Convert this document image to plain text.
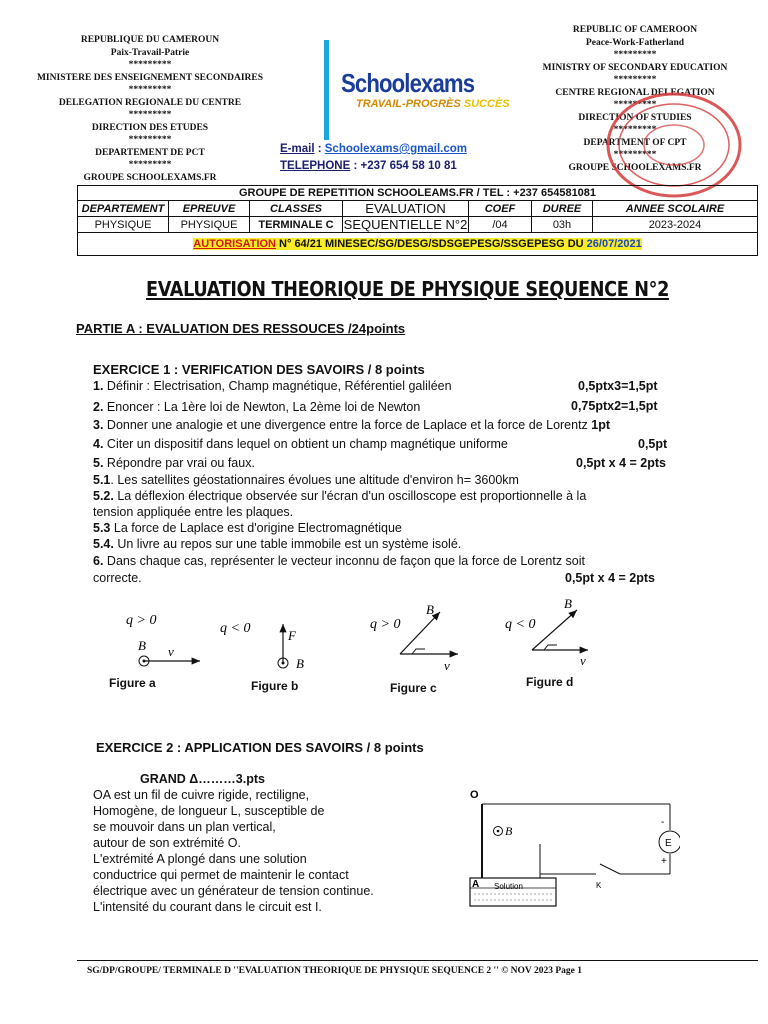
REPUBLIQUE DU CAMEROUN
Paix-Travail-Patrie
*********
MINISTERE DES ENSEIGNEMENT SECONDAIRES
*********
DELEGATION REGIONALE DU CENTRE
*********
DIRECTION DES ETUDES
*********
DEPARTEMENT DE PCT
*********
GROUPE SCHOOLEXAMS.FR
Schoolexams
TRAVAIL-PROGRÈS SUCCÈS
E-mail : Schoolexams@gmail.com
TELEPHONE : +237 654 58 10 81
REPUBLIC OF CAMEROON
Peace-Work-Fatherland
*********
MINISTRY OF SECONDARY EDUCATION
*********
CENTRE REGIONAL DELEGATION
*********
DIRECTION OF STUDIES
*********
DEPARTMENT OF CPT
*********
GROUPE SCHOOLEXAMS.FR
GROUPE DE REPETITION SCHOOLEAMS.FR / TEL : +237 654581081						
DEPARTEMENT	EPREUVE	CLASSES	EVALUATION	COEF	DUREE	ANNEE SCOLAIRE
PHYSIQUE	PHYSIQUE	TERMINALE C	SEQUENTIELLE N°2	/04	03h	2023-2024
AUTORISATION N° 64/21 MINESEC/SG/DESG/SDSGEPESG/SSGEPESG DU 26/07/2021						
EVALUATION THEORIQUE DE PHYSIQUE SEQUENCE N°2
PARTIE A : EVALUATION DES RESSOUCES /24points
EXERCICE 1 : VERIFICATION DES SAVOIRS / 8 points
1. Définir : Electrisation, Champ magnétique, Référentiel galiléen	0,5ptx3=1,5pt
2. Enoncer : La 1ère loi de Newton, La 2ème loi de Newton	0,75ptx2=1,5pt
3. Donner une analogie et une divergence entre la force de Laplace et la force de Lorentz 1pt
4. Citer un dispositif dans lequel on obtient un champ magnétique uniforme	0,5pt
5. Répondre par vrai ou faux.	0,5pt x 4 = 2pts
5.1. Les satellites géostationnaires évolues une altitude d'environ h= 3600km
5.2. La déflexion électrique observée sur l'écran d'un oscilloscope est proportionnelle à la
tension appliquée entre les plaques.
5.3 La force de Laplace est d'origine Electromagnétique
5.4. Un livre au repos sur une table immobile est un système isolé.
6. Dans chaque cas, représenter le vecteur inconnu de façon que la force de Lorentz soit
correcte.	0,5pt x 4 = 2pts
q > 0
B⃗ v⃗
q < 0	F⃗
B⃗
q > 0
B⃗
v⃗
q < 0
B⃗
v⃗
Figure a	Figure b	Figure c	Figure d
EXERCICE 2 : APPLICATION DES SAVOIRS / 8 points
GRAND Δ………3.pts
OA est un fil de cuivre rigide, rectiligne,
Homogène, de longueur L, susceptible de
se mouvoir dans un plan vertical,
autour de son extrémité O.
L'extrémité A plongé dans une solution
conductrice qui permet de maintenir le contact
électrique avec un générateur de tension continue.
L'intensité du courant dans le circuit est I.
O
E
-
+
K
B⃗
A Solution
SG/DP/GROUPE/ TERMINALE D ''EVALUATION THEORIQUE DE PHYSIQUE SEQUENCE 2 '' © NOV 2023 Page 1
